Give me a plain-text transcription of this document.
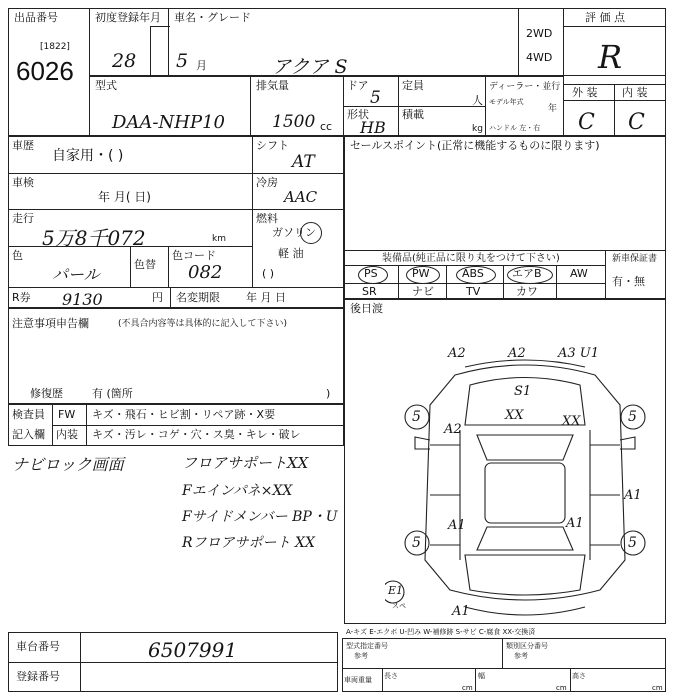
出品番号
[1822]
6026
初度登録年月 車名・グレード
28 5 月	アクア S
2WD
4WD
評 価 点
R
外 装 内 装
C C
型式
DAA-NHP10
排気量
1500 cc
ドア
5
定員
人
形状
HB
積載
kg
ディーラー・並行
モデル年式
年
ハンドル 左・右
車歴
自家用・( )
シフト
AT
車検
年 月( 日)
冷房
AAC
走行
5万8千072	km
燃料
ガソリン
軽 油
( )
色
パール
色替
色コード
082
R券 9130	円 名変期限 年 月 日
セールスポイント(正常に機能するものに限ります)
装備品(純正品に限り丸をつけて下さい)	新車保証書
有・無
PS	PW	ABS	エアB	AW
SR	ナビ	TV	カワ
後日渡
注意事項申告欄	(不具合内容等は具体的に記入して下さい)
修復歴	有 (箇所	)
検査員
記入欄
FW キズ・飛石・ヒビ割・リペア跡・X要
内装 キズ・汚レ・コゲ・穴・ス臭・キレ・破レ
ナビロック画面	フロアサポートXX
Fエインパネ×XX
Fサイドメンバー BP・U
Rフロアサポート XX
A2	A2 A3 U1
S1
XX	XX
A2
A1
A1	A1
A1
5	5
5	5
E1
スペ
車台番号	6507991
登録番号
A-キズ E-エクボ U-凹み W-補修跡 S-サビ C-腐食 XX-交換済
型式指定番号
参考
類別区分番号
参考
長さ
cm
幅
cm
高さ
cm
車両重量
